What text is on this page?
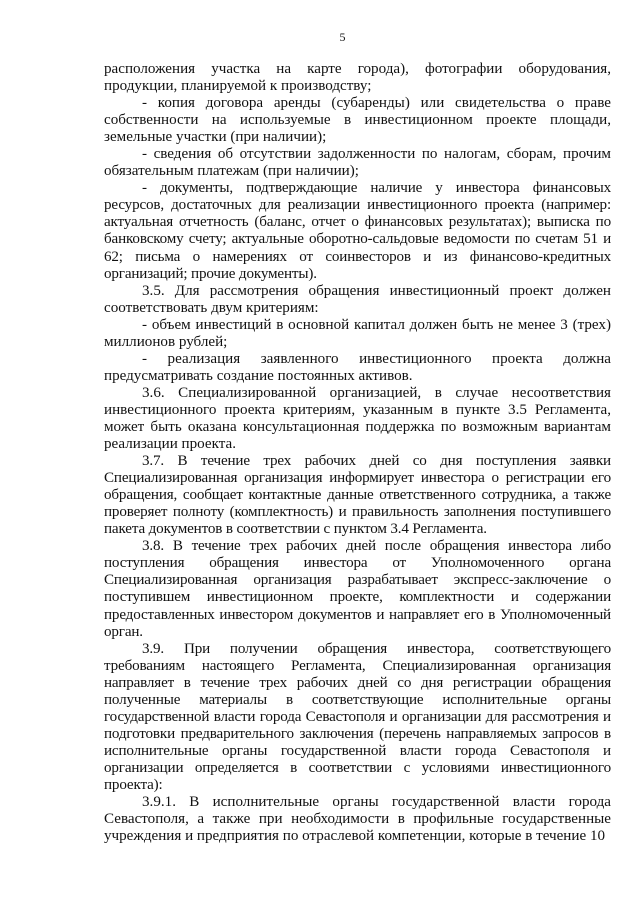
5

расположения участка на карте города), фотографии оборудования, продукции, планируемой к производству;

- копия договора аренды (субаренды) или свидетельства о праве собственности на используемые в инвестиционном проекте площади, земельные участки (при наличии);

- сведения об отсутствии задолженности по налогам, сборам, прочим обязательным платежам (при наличии);

- документы, подтверждающие наличие у инвестора финансовых ресурсов, достаточных для реализации инвестиционного проекта (например: актуальная отчетность (баланс, отчет о финансовых результатах); выписка по банковскому счету; актуальные оборотно-сальдовые ведомости по счетам 51 и 62; письма о намерениях от соинвесторов и из финансово-кредитных организаций; прочие документы).

3.5. Для рассмотрения обращения инвестиционный проект должен соответствовать двум критериям:

- объем инвестиций в основной капитал должен быть не менее 3 (трех) миллионов рублей;

- реализация заявленного инвестиционного проекта должна предусматривать создание постоянных активов.

3.6. Специализированной организацией, в случае несоответствия инвестиционного проекта критериям, указанным в пункте 3.5 Регламента, может быть оказана консультационная поддержка по возможным вариантам реализации проекта.

3.7. В течение трех рабочих дней со дня поступления заявки Специализированная организация информирует инвестора о регистрации его обращения, сообщает контактные данные ответственного сотрудника, а также проверяет полноту (комплектность) и правильность заполнения поступившего пакета документов в соответствии с пунктом 3.4 Регламента.

3.8. В течение трех рабочих дней после обращения инвестора либо поступления обращения инвестора от Уполномоченного органа Специализированная организация разрабатывает экспресс-заключение о поступившем инвестиционном проекте, комплектности и содержании предоставленных инвестором документов и направляет его в Уполномоченный орган.

3.9. При получении обращения инвестора, соответствующего требованиям настоящего Регламента, Специализированная организация направляет в течение трех рабочих дней со дня регистрации обращения полученные материалы в соответствующие исполнительные органы государственной власти города Севастополя и организации для рассмотрения и подготовки предварительного заключения (перечень направляемых запросов в исполнительные органы государственной власти города Севастополя и организации определяется в соответствии с условиями инвестиционного проекта):

3.9.1. В исполнительные органы государственной власти города Севастополя, а также при необходимости в профильные государственные учреждения и предприятия по отраслевой компетенции, которые в течение 10
